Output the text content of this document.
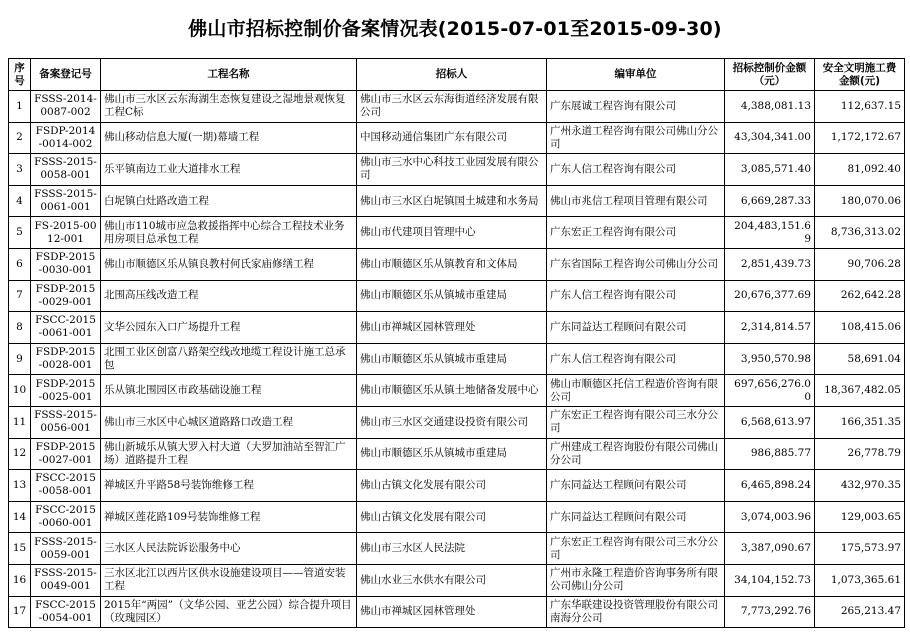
佛山市招标控制价备案情况表(2015-07-01至2015-09-30)
序号	备案登记号	工程名称	招标人	编审单位	招标控制价金额（元）	安全文明施工费金额(元)
1	FSSS-2014-0087-002	佛山市三水区云东海湖生态恢复建设之湿地景观恢复工程C标	佛山市三水区云东海街道经济发展有限公司	广东展诚工程咨询有限公司	4,388,081.13	112,637.15
2	FSDP-2014-0014-002	佛山移动信息大厦(一期)幕墙工程	中国移动通信集团广东有限公司	广州永道工程咨询有限公司佛山分公司	43,304,341.00	1,172,172.67
3	FSSS-2015-0058-001	乐平镇南边工业大道排水工程	佛山市三水中心科技工业园发展有限公司	广东人信工程咨询有限公司	3,085,571.40	81,092.40
4	FSSS-2015-0061-001	白坭镇白灶路改造工程	佛山市三水区白坭镇国土城建和水务局	佛山市兆信工程项目管理有限公司	6,669,287.33	180,070.06
5	FS-2015-0012-001	佛山市110城市应急救援指挥中心综合工程技术业务用房项目总承包工程	佛山市代建项目管理中心	广东宏正工程咨询有限公司	204,483,151.69	8,736,313.02
6	FSDP-2015-0030-001	佛山市顺德区乐从镇良教村何氏家庙修缮工程	佛山市顺德区乐从镇教育和文体局	广东省国际工程咨询公司佛山分公司	2,851,439.73	90,706.28
7	FSDP-2015-0029-001	北围高压线改造工程	佛山市顺德区乐从镇城市重建局	广东人信工程咨询有限公司	20,676,377.69	262,642.28
8	FSCC-2015-0061-001	文华公园东入口广场提升工程	佛山市禅城区园林管理处	广东同益达工程顾问有限公司	2,314,814.57	108,415.06
9	FSDP-2015-0028-001	北围工业区创富八路架空线改地缆工程设计施工总承包	佛山市顺德区乐从镇城市重建局	广东人信工程咨询有限公司	3,950,570.98	58,691.04
10	FSDP-2015-0025-001	乐从镇北围园区市政基础设施工程	佛山市顺德区乐从镇土地储备发展中心	佛山市顺德区托信工程造价咨询有限公司	697,656,276.00	18,367,482.05
11	FSSS-2015-0056-001	佛山市三水区中心城区道路路口改造工程	佛山市三水区交通建设投资有限公司	广东宏正工程咨询有限公司三水分公司	6,568,613.97	166,351.35
12	FSDP-2015-0027-001	佛山新城乐从镇大罗入村大道（大罗加油站至智汇广场）道路提升工程	佛山市顺德区乐从镇城市重建局	广州建成工程咨询股份有限公司佛山分公司	986,885.77	26,778.79
13	FSCC-2015-0058-001	禅城区升平路58号装饰维修工程	佛山古镇文化发展有限公司	广东同益达工程顾问有限公司	6,465,898.24	432,970.35
14	FSCC-2015-0060-001	禅城区莲花路109号装饰维修工程	佛山古镇文化发展有限公司	广东同益达工程顾问有限公司	3,074,003.96	129,003.65
15	FSSS-2015-0059-001	三水区人民法院诉讼服务中心	佛山市三水区人民法院	广东宏正工程咨询有限公司三水分公司	3,387,090.67	175,573.97
16	FSSS-2015-0049-001	三水区北江以西片区供水设施建设项目——管道安装工程	佛山水业三水供水有限公司	广州市永隆工程造价咨询事务所有限公司佛山分公司	34,104,152.73	1,073,365.61
17	FSCC-2015-0054-001	2015年“两园”（文华公园、亚艺公园）综合提升项目（玫瑰园区）	佛山市禅城区园林管理处	广东华联建设投资管理股份有限公司南海分公司	7,773,292.76	265,213.47
